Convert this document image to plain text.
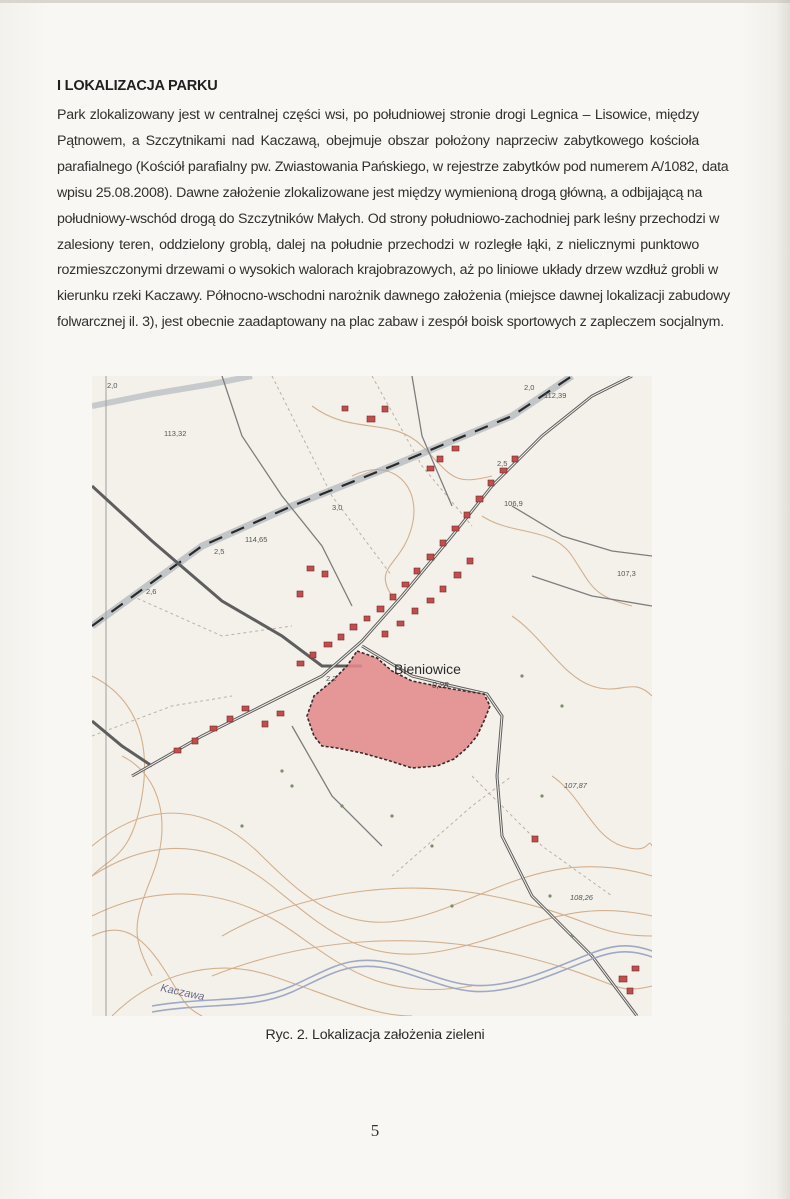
I LOKALIZACJA PARKU
Park zlokalizowany jest w centralnej części wsi, po południowej stronie drogi Legnica – Lisowice, między
Pątnowem, a Szczytnikami nad Kaczawą, obejmuje obszar położony naprzeciw zabytkowego kościoła
parafialnego (Kościół parafialny pw. Zwiastowania Pańskiego, w rejestrze zabytków pod numerem A/1082, data
wpisu 25.08.2008). Dawne założenie zlokalizowane jest między wymienioną drogą główną, a odbijającą na
południowy-wschód drogą do Szczytników Małych. Od strony południowo-zachodniej park leśny przechodzi w
zalesiony teren, oddzielony groblą, dalej na południe przechodzi w rozległe łąki, z nielicznymi punktowo
rozmieszczonymi drzewami o wysokich walorach krajobrazowych, aż po liniowe układy drzew wzdłuż grobli w
kierunku rzeki Kaczawy. Północno-wschodni narożnik dawnego założenia (miejsce dawnej lokalizacji zabudowy
folwarcznej il. 3), jest obecnie zaadaptowany na plac zabaw i zespół boisk sportowych z zapleczem socjalnym.
Bieniowice
0,28
Kaczawa
113,32
114,65
106,9
107,87
108,26
112,39
107,3
2,0
2,5
2,5
2,6
3,0
2,0
2,2
Ryc. 2. Lokalizacja założenia zieleni
5
